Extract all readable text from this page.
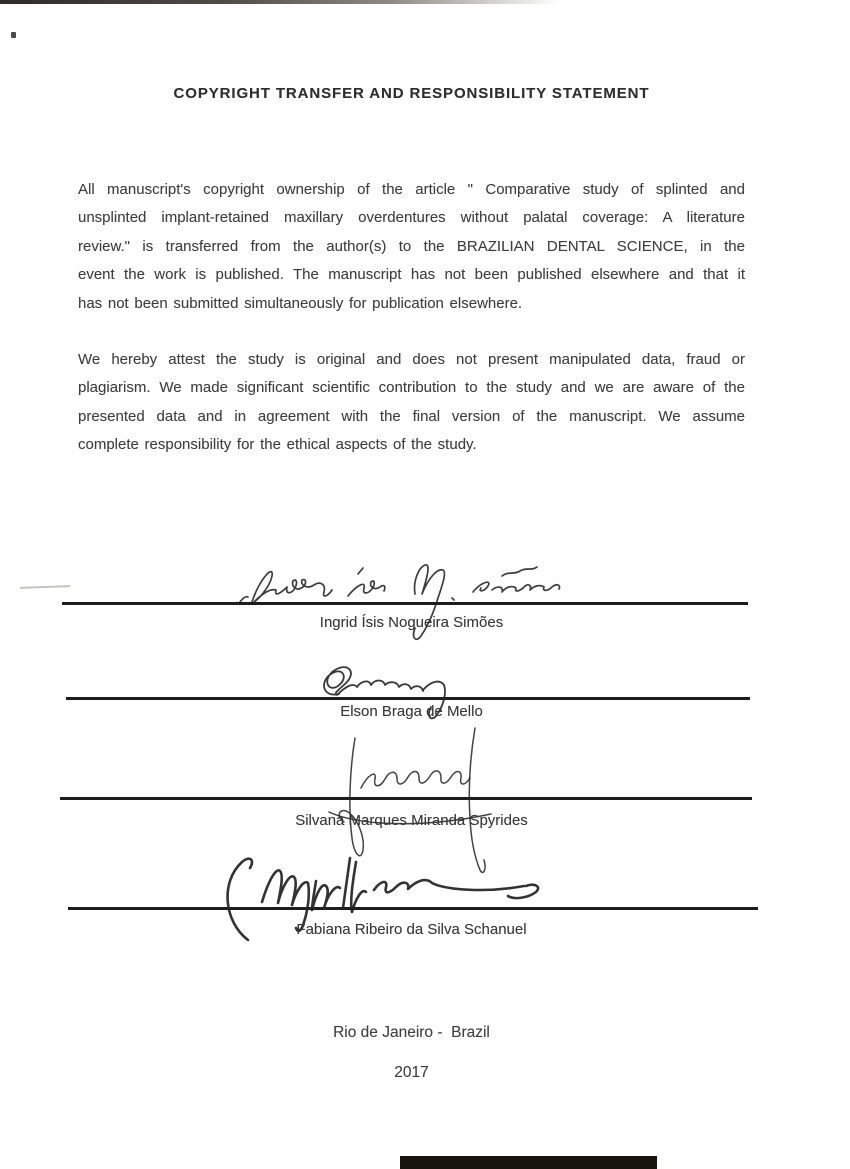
COPYRIGHT TRANSFER AND RESPONSIBILITY STATEMENT
All manuscript's copyright ownership of the article " Comparative study of splinted and
unsplinted implant-retained maxillary overdentures without palatal coverage: A literature
review." is transferred from the author(s) to the BRAZILIAN DENTAL SCIENCE, in the
event the work is published. The manuscript has not been published elsewhere and that it
has not been submitted simultaneously for publication elsewhere.
We hereby attest the study is original and does not present manipulated data, fraud or
plagiarism. We made significant scientific contribution to the study and we are aware of the
presented data and in agreement with the final version of the manuscript. We assume
complete responsibility for the ethical aspects of the study.
Ingrid Ísis Nogueira Simões
Elson Braga de Mello
Silvana Marques Miranda Spyrides
Fabiana Ribeiro da Silva Schanuel
Rio de Janeiro -  Brazil
2017
